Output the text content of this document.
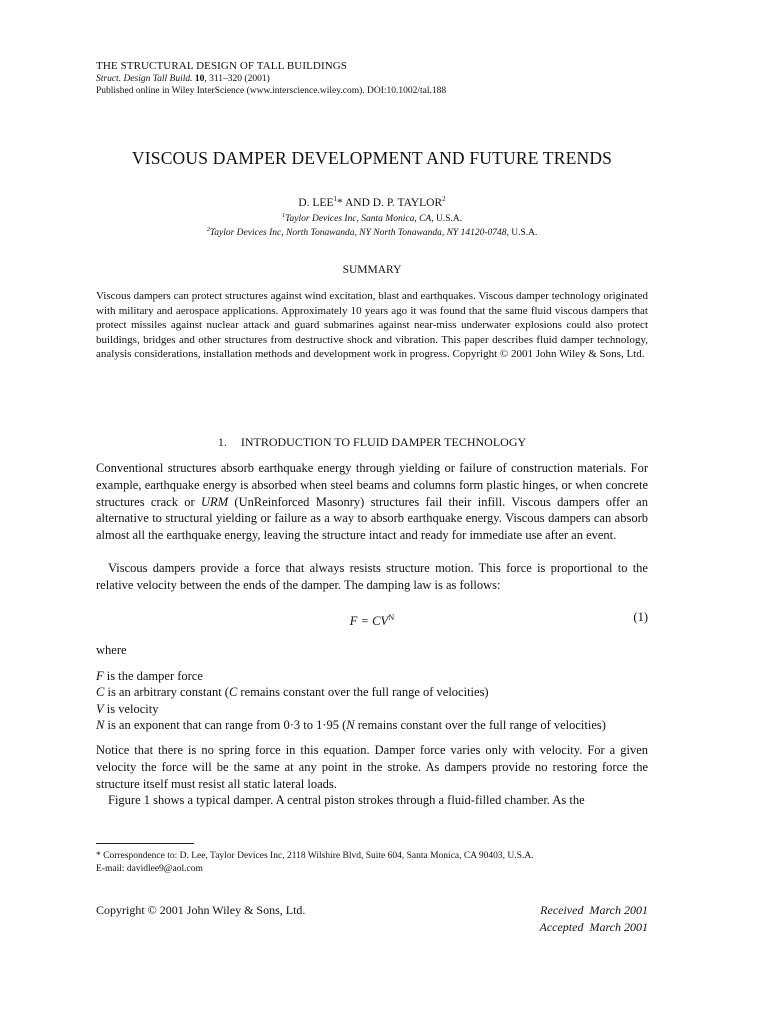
THE STRUCTURAL DESIGN OF TALL BUILDINGS
Struct. Design Tall Build. 10, 311–320 (2001)
Published online in Wiley InterScience (www.interscience.wiley.com). DOI:10.1002/tal.188
VISCOUS DAMPER DEVELOPMENT AND FUTURE TRENDS
D. LEE$^1$* AND D. P. TAYLOR$^2$
$^1$Taylor Devices Inc, Santa Monica, CA, U.S.A.
$^2$Taylor Devices Inc, North Tonawanda, NY North Tonawanda, NY 14120-0748, U.S.A.
SUMMARY

Viscous dampers can protect structures against wind excitation, blast and earthquakes. Viscous damper technology originated with military and aerospace applications. Approximately 10 years ago it was found that the same fluid viscous dampers that protect missiles against nuclear attack and guard submarines against near-miss underwater explosions could also protect buildings, bridges and other structures from destructive shock and vibration. This paper describes fluid damper technology, analysis considerations, installation methods and development work in progress. Copyright © 2001 John Wiley & Sons, Ltd.

1. INTRODUCTION TO FLUID DAMPER TECHNOLOGY

Conventional structures absorb earthquake energy through yielding or failure of construction materials. For example, earthquake energy is absorbed when steel beams and columns form plastic hinges, or when concrete structures crack or URM (UnReinforced Masonry) structures fail their infill. Viscous dampers offer an alternative to structural yielding or failure as a way to absorb earthquake energy. Viscous dampers can absorb almost all the earthquake energy, leaving the structure intact and ready for immediate use after an event.

Viscous dampers provide a force that always resists structure motion. This force is proportional to the relative velocity between the ends of the damper. The damping law is as follows:

$F = CV^N$	(1)
where
F is the damper force
C is an arbitrary constant (C remains constant over the full range of velocities)
V is velocity
N is an exponent that can range from 0·3 to 1·95 (N remains constant over the full range of velocities)

Notice that there is no spring force in this equation. Damper force varies only with velocity. For a given velocity the force will be the same at any point in the stroke. As dampers provide no restoring force the structure itself must resist all static lateral loads.

Figure 1 shows a typical damper. A central piston strokes through a fluid-filled chamber. As the

* Correspondence to: D. Lee, Taylor Devices Inc, 2118 Wilshire Blvd, Suite 604, Santa Monica, CA 90403, U.S.A.
E-mail: davidlee9@aol.com
Copyright © 2001 John Wiley & Sons, Ltd.	Received  March 2001
Accepted  March 2001
